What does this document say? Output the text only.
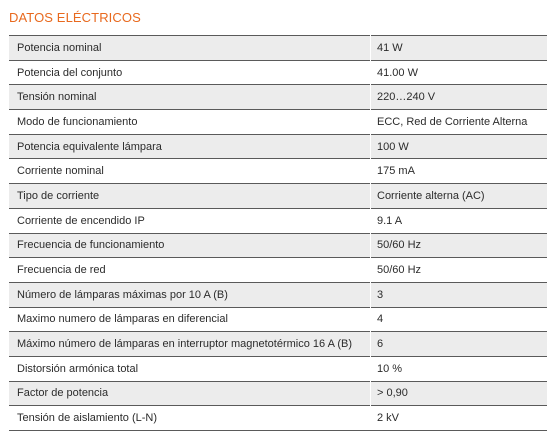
DATOS ELÉCTRICOS
Potencia nominal	41 W
Potencia del conjunto	41.00 W
Tensión nominal	220…240 V
Modo de funcionamiento	ECC, Red de Corriente Alterna
Potencia equivalente lámpara	100 W
Corriente nominal	175 mA
Tipo de corriente	Corriente alterna (AC)
Corriente de encendido IP	9.1 A
Frecuencia de funcionamiento	50/60 Hz
Frecuencia de red	50/60 Hz
Número de lámparas máximas por 10 A (B)	3
Maximo numero de lámparas en diferencial	4
Máximo número de lámparas en interruptor magnetotérmico 16 A (B)	6
Distorsión armónica total	10 %
Factor de potencia	> 0,90
Tensión de aislamiento (L-N)	2 kV
